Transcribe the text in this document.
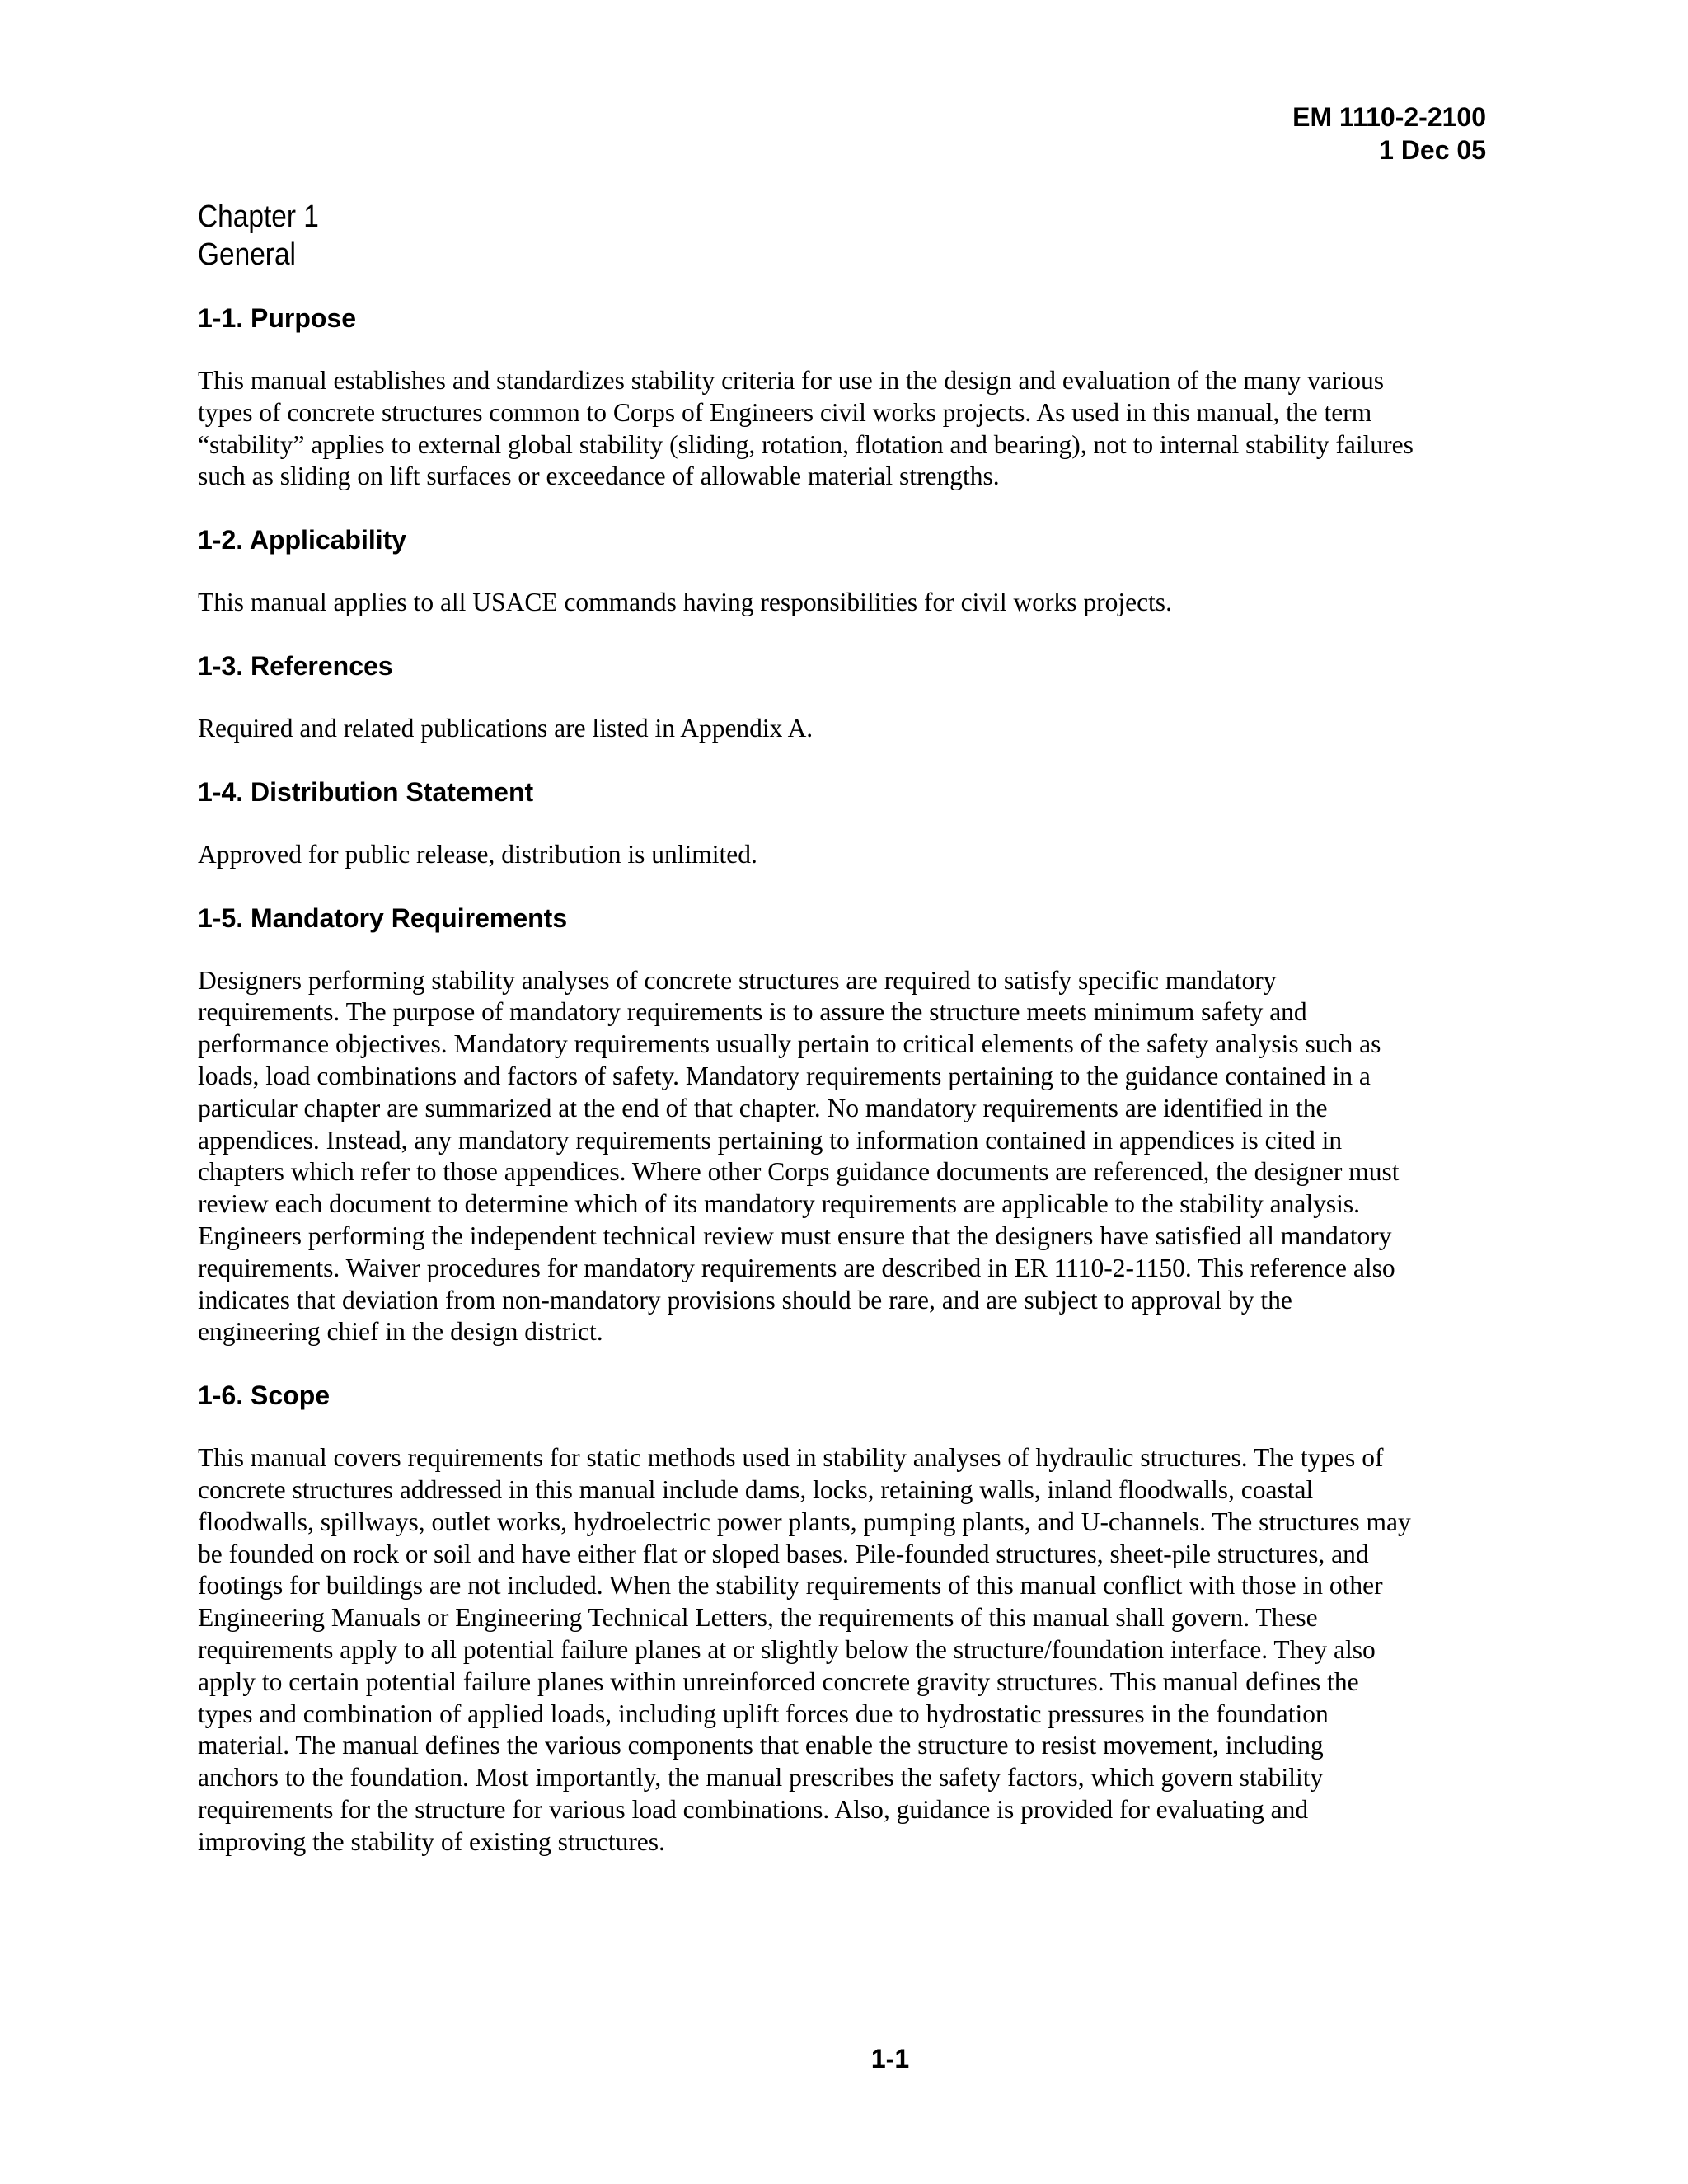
EM 1110-2-2100
1 Dec 05
Chapter 1
General
1-1. Purpose
This manual establishes and standardizes stability criteria for use in the design and evaluation of the many various
types of concrete structures common to Corps of Engineers civil works projects. As used in this manual, the term
“stability” applies to external global stability (sliding, rotation, flotation and bearing), not to internal stability failures
such as sliding on lift surfaces or exceedance of allowable material strengths.
1-2. Applicability
This manual applies to all USACE commands having responsibilities for civil works projects.
1-3. References
Required and related publications are listed in Appendix A.
1-4. Distribution Statement
Approved for public release, distribution is unlimited.
1-5. Mandatory Requirements
Designers performing stability analyses of concrete structures are required to satisfy specific mandatory
requirements. The purpose of mandatory requirements is to assure the structure meets minimum safety and
performance objectives. Mandatory requirements usually pertain to critical elements of the safety analysis such as
loads, load combinations and factors of safety. Mandatory requirements pertaining to the guidance contained in a
particular chapter are summarized at the end of that chapter. No mandatory requirements are identified in the
appendices. Instead, any mandatory requirements pertaining to information contained in appendices is cited in
chapters which refer to those appendices. Where other Corps guidance documents are referenced, the designer must
review each document to determine which of its mandatory requirements are applicable to the stability analysis.
Engineers performing the independent technical review must ensure that the designers have satisfied all mandatory
requirements. Waiver procedures for mandatory requirements are described in ER 1110-2-1150. This reference also
indicates that deviation from non-mandatory provisions should be rare, and are subject to approval by the
engineering chief in the design district.
1-6. Scope
This manual covers requirements for static methods used in stability analyses of hydraulic structures. The types of
concrete structures addressed in this manual include dams, locks, retaining walls, inland floodwalls, coastal
floodwalls, spillways, outlet works, hydroelectric power plants, pumping plants, and U-channels. The structures may
be founded on rock or soil and have either flat or sloped bases. Pile-founded structures, sheet-pile structures, and
footings for buildings are not included. When the stability requirements of this manual conflict with those in other
Engineering Manuals or Engineering Technical Letters, the requirements of this manual shall govern. These
requirements apply to all potential failure planes at or slightly below the structure/foundation interface. They also
apply to certain potential failure planes within unreinforced concrete gravity structures. This manual defines the
types and combination of applied loads, including uplift forces due to hydrostatic pressures in the foundation
material. The manual defines the various components that enable the structure to resist movement, including
anchors to the foundation. Most importantly, the manual prescribes the safety factors, which govern stability
requirements for the structure for various load combinations. Also, guidance is provided for evaluating and
improving the stability of existing structures.
1-1
